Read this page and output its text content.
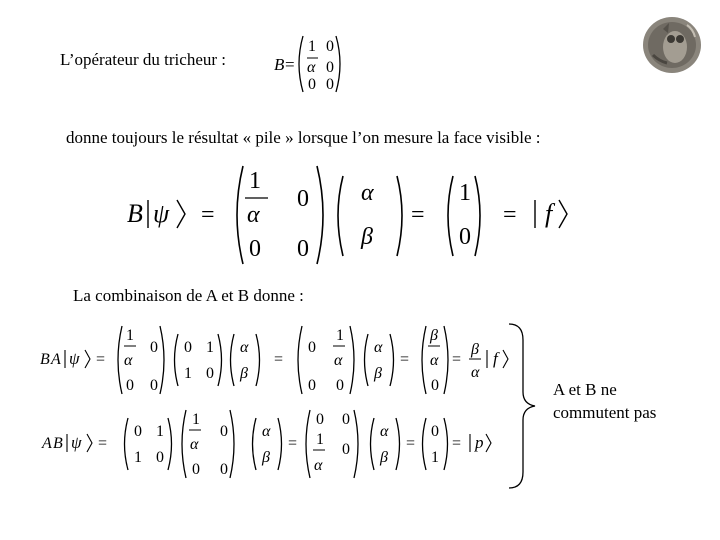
L’opérateur du tricheur :	B =
1 0
α 0
0 0
donne toujours le résultat « pile » lorsque l’on mesure la face visible :
B ψ =
1
0
α
0 0
α
β
=
1
0
= f
La combinaison de A et B donne :
B A ψ =
1
0
α
0 0
0 1
1 0
α
β
=
0
1
α
0 0
α
β
=
β
α
0
=
β
α
f
A B ψ =
0 1
1 0
1
0
α
0 0
α
β
=
0 0
1
0
α
α
β
=
0
1
= p
A et B ne
commutent pas
